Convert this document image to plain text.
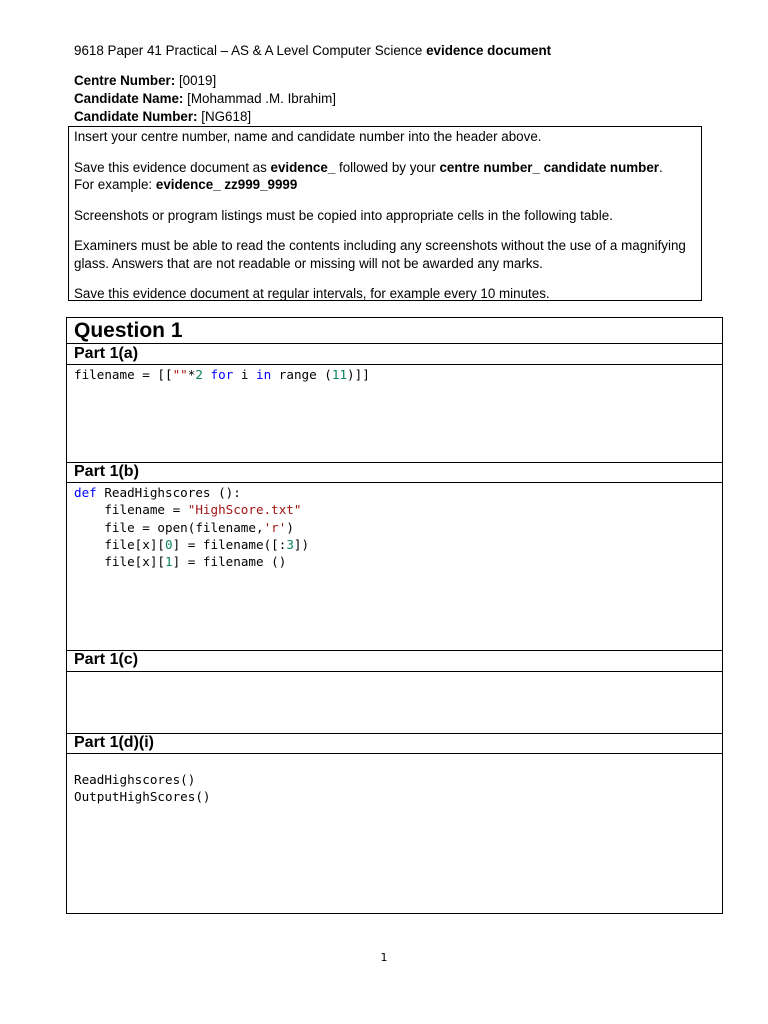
9618 Paper 41 Practical – AS & A Level Computer Science evidence document
Centre Number: [0019]
Candidate Name: [Mohammad .M. Ibrahim]
Candidate Number: [NG618]

Insert your centre number, name and candidate number into the header above.

Save this evidence document as evidence_ followed by your centre number_ candidate number.
For example: evidence_ zz999_9999

Screenshots or program listings must be copied into appropriate cells in the following table.

Examiners must be able to read the contents including any screenshots without the use of a magnifying glass. Answers that are not readable or missing will not be awarded any marks.

Save this evidence document at regular intervals, for example every 10 minutes.

Question 1
Part 1(a)
filename = [[""*2 for i in range (11)]]
Part 1(b)
def ReadHighscores ():
filename = "HighScore.txt"
file = open(filename,'r')
file[x][0] = filename([:3])
file[x][1] = filename ()
Part 1(c)
Part 1(d)(i)
ReadHighscores()
OutputHighScores()
1
